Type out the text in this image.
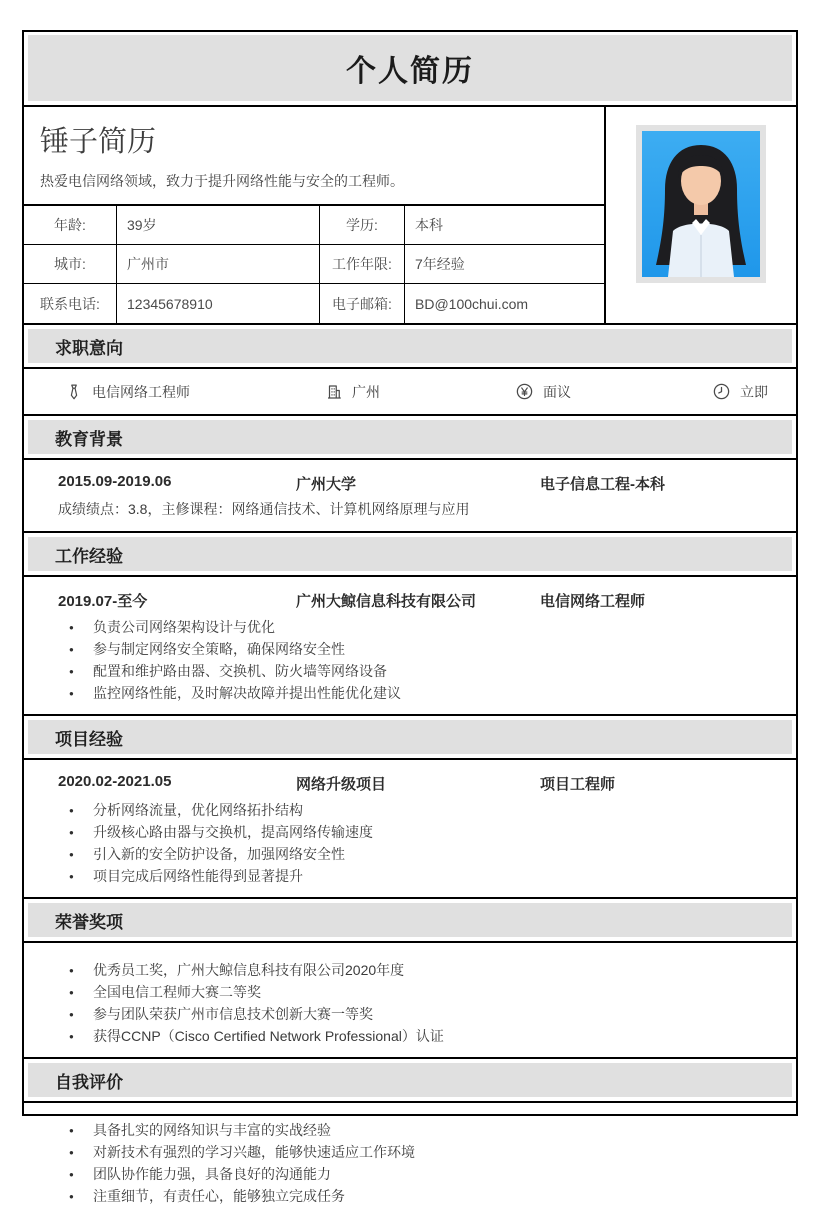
个人简历
锤子简历
热爱电信网络领域，致力于提升网络性能与安全的工程师。
年龄:	39岁	学历:	本科
城市:	广州市	工作年限:	7年经验
联系电话:	12345678910	电子邮箱:	BD@100chui.com
求职意向
电信网络工程师	广州	面议	立即
教育背景
2015.09-2019.06	广州大学	电子信息工程-本科
成绩绩点：3.8，主修课程：网络通信技术、计算机网络原理与应用
工作经验
2019.07-至今	广州大鲸信息科技有限公司	电信网络工程师
● 负责公司网络架构设计与优化
● 参与制定网络安全策略，确保网络安全性
● 配置和维护路由器、交换机、防火墙等网络设备
● 监控网络性能，及时解决故障并提出性能优化建议
项目经验
2020.02-2021.05	网络升级项目	项目工程师
● 分析网络流量，优化网络拓扑结构
● 升级核心路由器与交换机，提高网络传输速度
● 引入新的安全防护设备，加强网络安全性
● 项目完成后网络性能得到显著提升
荣誉奖项
● 优秀员工奖，广州大鲸信息科技有限公司2020年度
● 全国电信工程师大赛二等奖
● 参与团队荣获广州市信息技术创新大赛一等奖
● 获得CCNP（Cisco Certified Network Professional）认证
自我评价
● 具备扎实的网络知识与丰富的实战经验
● 对新技术有强烈的学习兴趣，能够快速适应工作环境
● 团队协作能力强，具备良好的沟通能力
● 注重细节，有责任心，能够独立完成任务
